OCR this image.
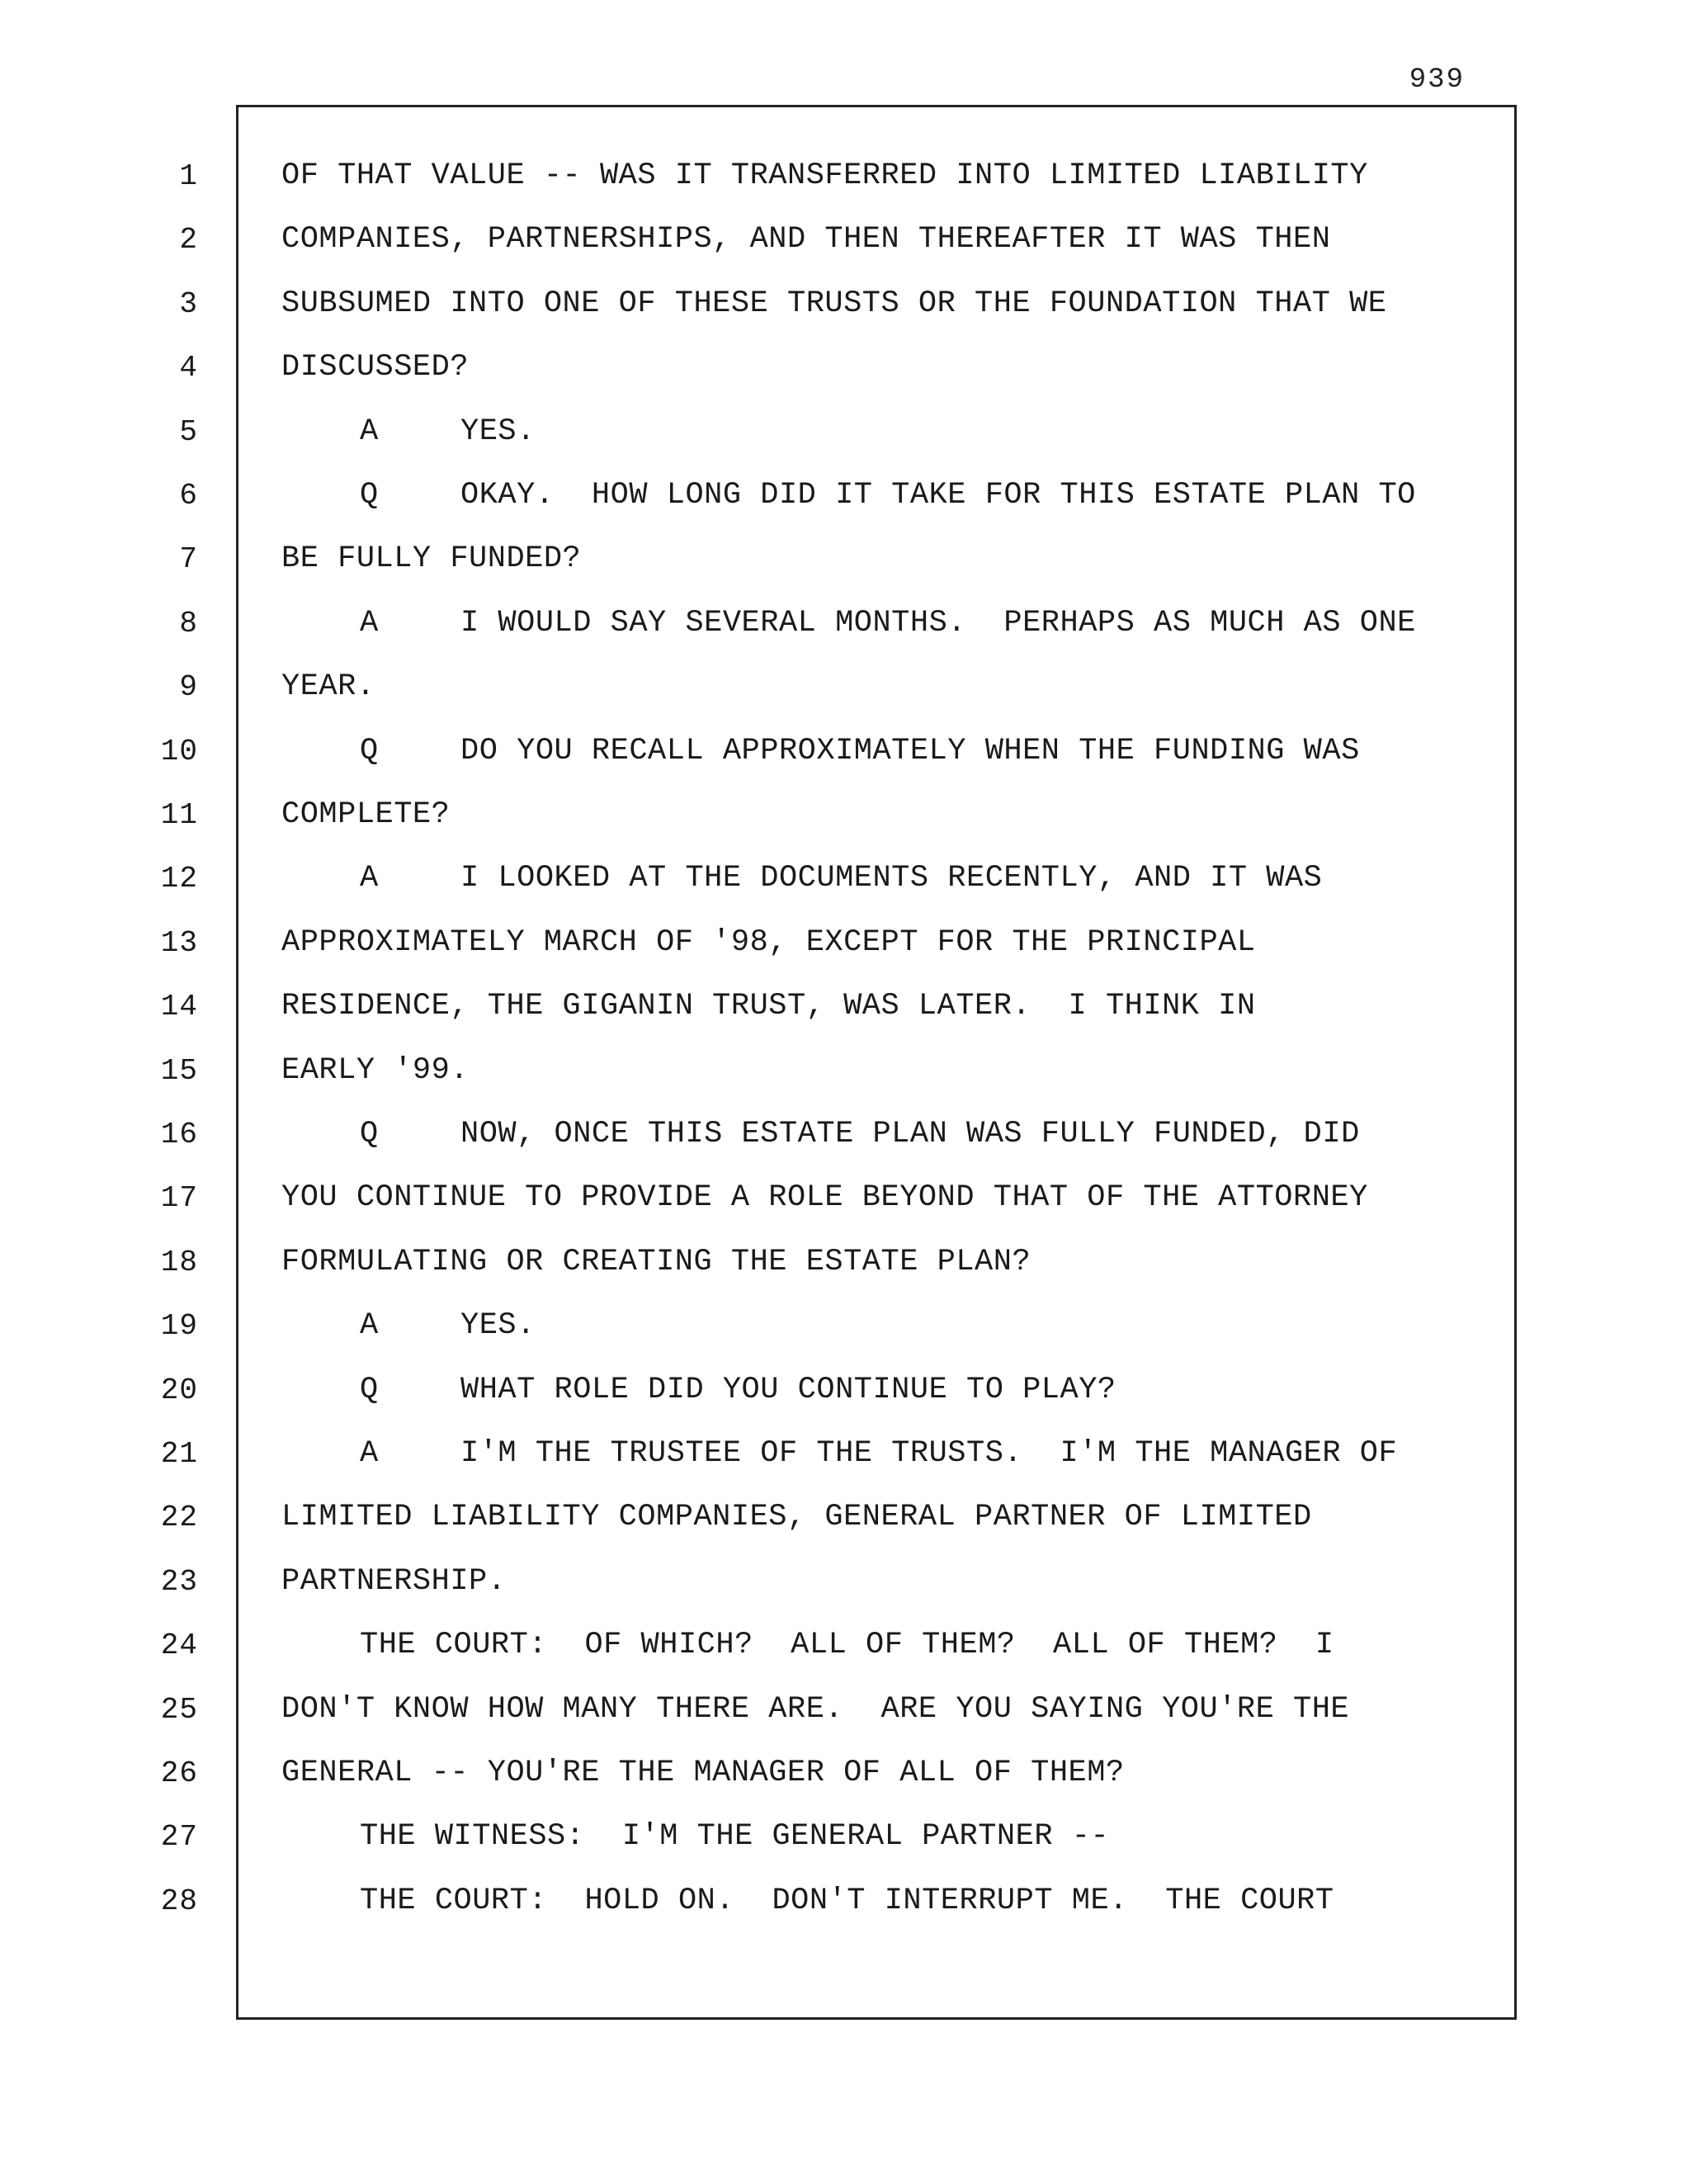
939
1	OF THAT VALUE -- WAS IT TRANSFERRED INTO LIMITED LIABILITY
2	COMPANIES, PARTNERSHIPS, AND THEN THEREAFTER IT WAS THEN
3	SUBSUMED INTO ONE OF THESE TRUSTS OR THE FOUNDATION THAT WE
4	DISCUSSED?
5	A	YES.
6	Q	OKAY.  HOW LONG DID IT TAKE FOR THIS ESTATE PLAN TO
7	BE FULLY FUNDED?
8	A	I WOULD SAY SEVERAL MONTHS.  PERHAPS AS MUCH AS ONE
9	YEAR.
10	Q	DO YOU RECALL APPROXIMATELY WHEN THE FUNDING WAS
11	COMPLETE?
12	A	I LOOKED AT THE DOCUMENTS RECENTLY, AND IT WAS
13	APPROXIMATELY MARCH OF '98, EXCEPT FOR THE PRINCIPAL
14	RESIDENCE, THE GIGANIN TRUST, WAS LATER.  I THINK IN
15	EARLY '99.
16	Q	NOW, ONCE THIS ESTATE PLAN WAS FULLY FUNDED, DID
17	YOU CONTINUE TO PROVIDE A ROLE BEYOND THAT OF THE ATTORNEY
18	FORMULATING OR CREATING THE ESTATE PLAN?
19	A	YES.
20	Q	WHAT ROLE DID YOU CONTINUE TO PLAY?
21	A	I'M THE TRUSTEE OF THE TRUSTS.  I'M THE MANAGER OF
22	LIMITED LIABILITY COMPANIES, GENERAL PARTNER OF LIMITED
23	PARTNERSHIP.
24	THE COURT:  OF WHICH?  ALL OF THEM?  ALL OF THEM?  I
25	DON'T KNOW HOW MANY THERE ARE.  ARE YOU SAYING YOU'RE THE
26	GENERAL -- YOU'RE THE MANAGER OF ALL OF THEM?
27	THE WITNESS:  I'M THE GENERAL PARTNER --
28	THE COURT:  HOLD ON.  DON'T INTERRUPT ME.  THE COURT
